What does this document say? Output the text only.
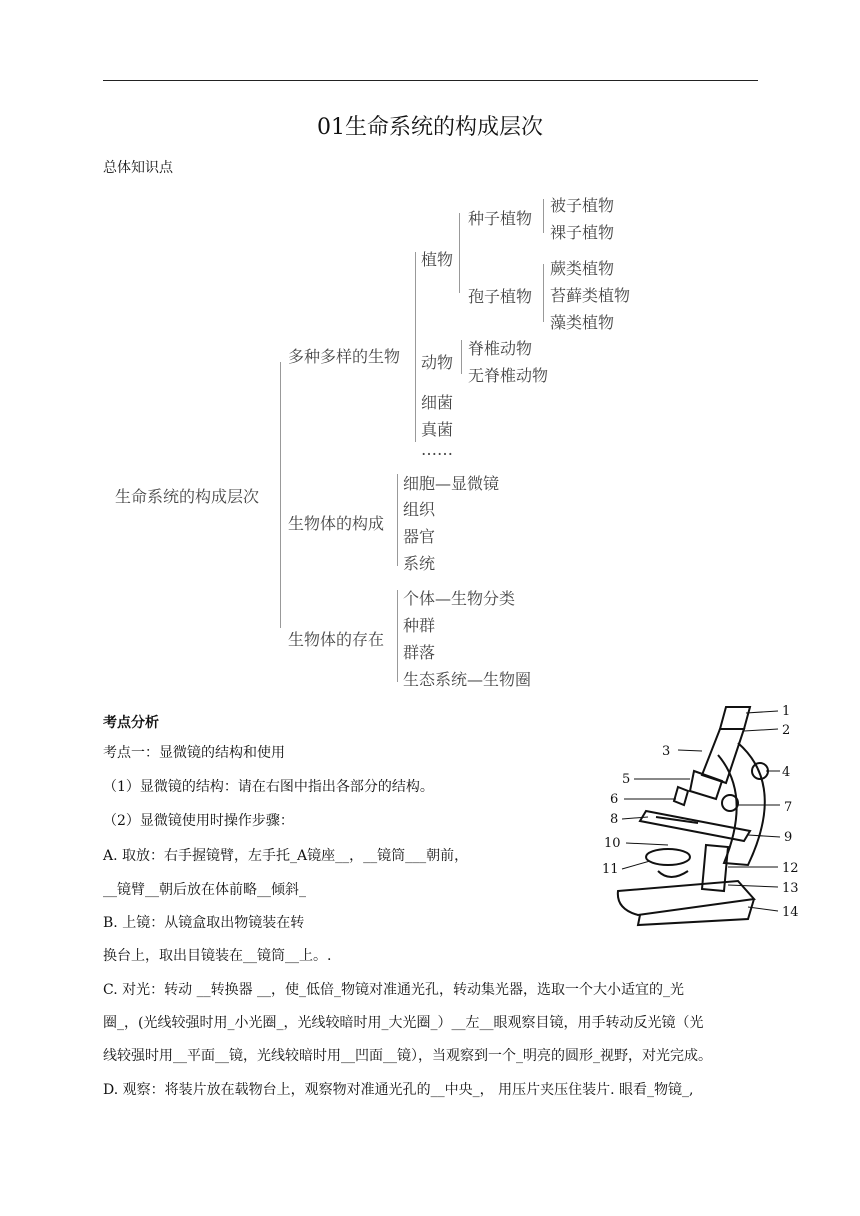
01生命系统的构成层次
总体知识点
生命系统的构成层次
多种多样的生物
生物体的构成
生物体的存在
植物
种子植物
孢子植物
被子植物
裸子植物
蕨类植物
苔藓类植物
藻类植物
动物
脊椎动物
无脊椎动物
细菌
真菌
……
细胞—显微镜
组织
器官
系统
个体—生物分类
种群
群落
生态系统—生物圈
考点分析
考点一：显微镜的结构和使用
（1）显微镜的结构：请在右图中指出各部分的结构。
（2）显微镜使用时操作步骤：
A. 取放：右手握镜臂，左手托_A镜座__，__镜筒___朝前，
__镜臂__朝后放在体前略__倾斜_
B. 上镜：从镜盒取出物镜装在转
换台上，取出目镜装在__镜筒__上。.
C. 对光：转动 __转换器 __，使_低倍_物镜对准通光孔，转动集光器，选取一个大小适宜的_光
圈_，(光线较强时用_小光圈_，光线较暗时用_大光圈_）__左__眼观察目镜，用手转动反光镜（光
线较强时用__平面__镜，光线较暗时用__凹面__镜），当观察到一个_明亮的圆形_视野，对光完成。
D. 观察：将装片放在载物台上，观察物对准通光孔的__中央_， 用压片夹压住装片. 眼看_物镜_,
1
2
3
4
5
6
7
8
9
10
11	12
13
14
